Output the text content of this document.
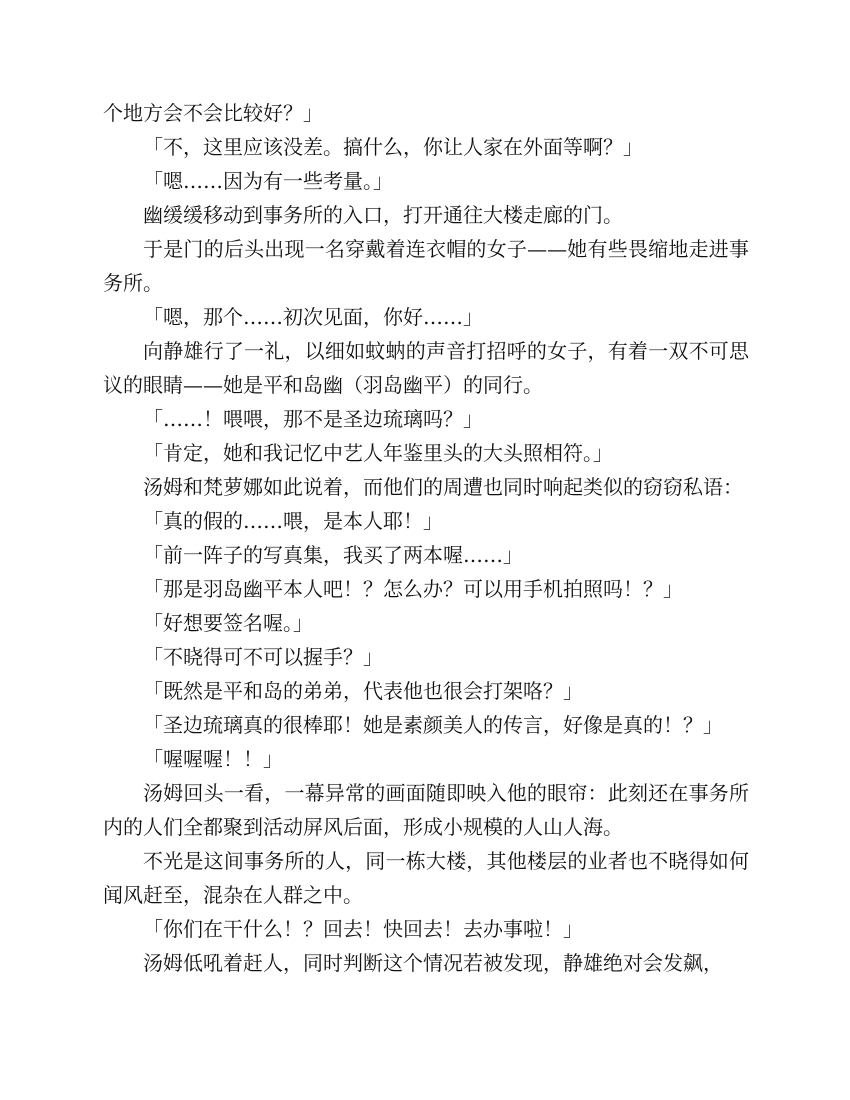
个地方会不会比较好？」

「不，这里应该没差。搞什么，你让人家在外面等啊？」

「嗯……因为有一些考量。」

幽缓缓移动到事务所的入口，打开通往大楼走廊的门。

于是门的后头出现一名穿戴着连衣帽的女子——她有些畏缩地走进事务所。

「嗯，那个……初次见面，你好……」

向静雄行了一礼，以细如蚊蚋的声音打招呼的女子，有着一双不可思议的眼睛——她是平和岛幽（羽岛幽平）的同行。

「……！喂喂，那不是圣边琉璃吗？」

「肯定，她和我记忆中艺人年鉴里头的大头照相符。」

汤姆和梵萝娜如此说着，而他们的周遭也同时响起类似的窃窃私语：

「真的假的……喂，是本人耶！」

「前一阵子的写真集，我买了两本喔……」

「那是羽岛幽平本人吧！？怎么办？可以用手机拍照吗！？」

「好想要签名喔。」

「不晓得可不可以握手？」

「既然是平和岛的弟弟，代表他也很会打架咯？」

「圣边琉璃真的很棒耶！她是素颜美人的传言，好像是真的！？」

「喔喔喔！！」

汤姆回头一看，一幕异常的画面随即映入他的眼帘：此刻还在事务所内的人们全都聚到活动屏风后面，形成小规模的人山人海。

不光是这间事务所的人，同一栋大楼，其他楼层的业者也不晓得如何闻风赶至，混杂在人群之中。

「你们在干什么！？回去！快回去！去办事啦！」

汤姆低吼着赶人，同时判断这个情况若被发现，静雄绝对会发飙，
